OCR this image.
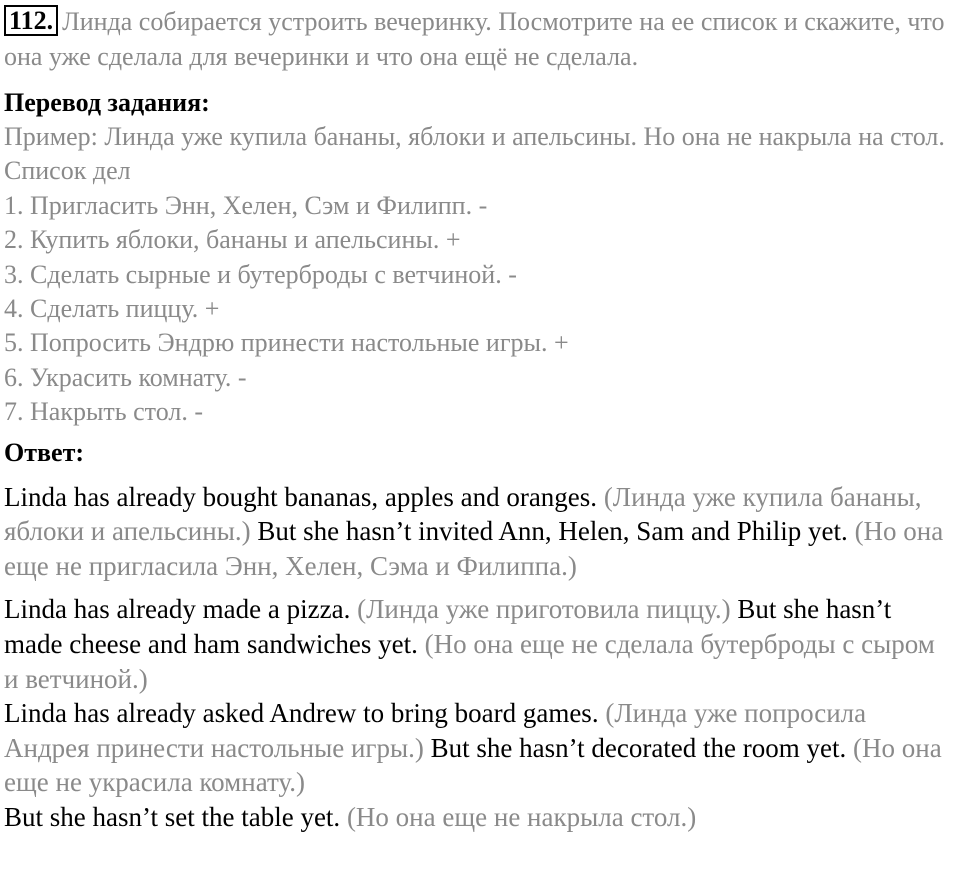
112. Линда собирается устроить вечеринку. Посмотрите на ее список и скажите, что она уже сделала для вечеринки и что она ещё не сделала.

Перевод задания:

Пример: Линда уже купила бананы, яблоки и апельсины. Но она не накрыла на стол.

Список дел
1. Пригласить Энн, Хелен, Сэм и Филипп. -
2. Купить яблоки, бананы и апельсины. +
3. Сделать сырные и бутерброды с ветчиной. -
4. Сделать пиццу. +
5. Попросить Эндрю принести настольные игры. +
6. Украсить комнату. -
7. Накрыть стол. -

Ответ:

Linda has already bought bananas, apples and oranges. (Линда уже купила бананы, яблоки и апельсины.) But she hasn’t invited Ann, Helen, Sam and Philip yet. (Но она еще не пригласила Энн, Хелен, Сэма и Филиппа.)

Linda has already made a pizza. (Линда уже приготовила пиццу.) But she hasn’t made cheese and ham sandwiches yet. (Но она еще не сделала бутерброды с сыром и ветчиной.)

Linda has already asked Andrew to bring board games. (Линда уже попросила Андрея принести настольные игры.) But she hasn’t decorated the room yet. (Но она еще не украсила комнату.)

But she hasn’t set the table yet. (Но она еще не накрыла стол.)
